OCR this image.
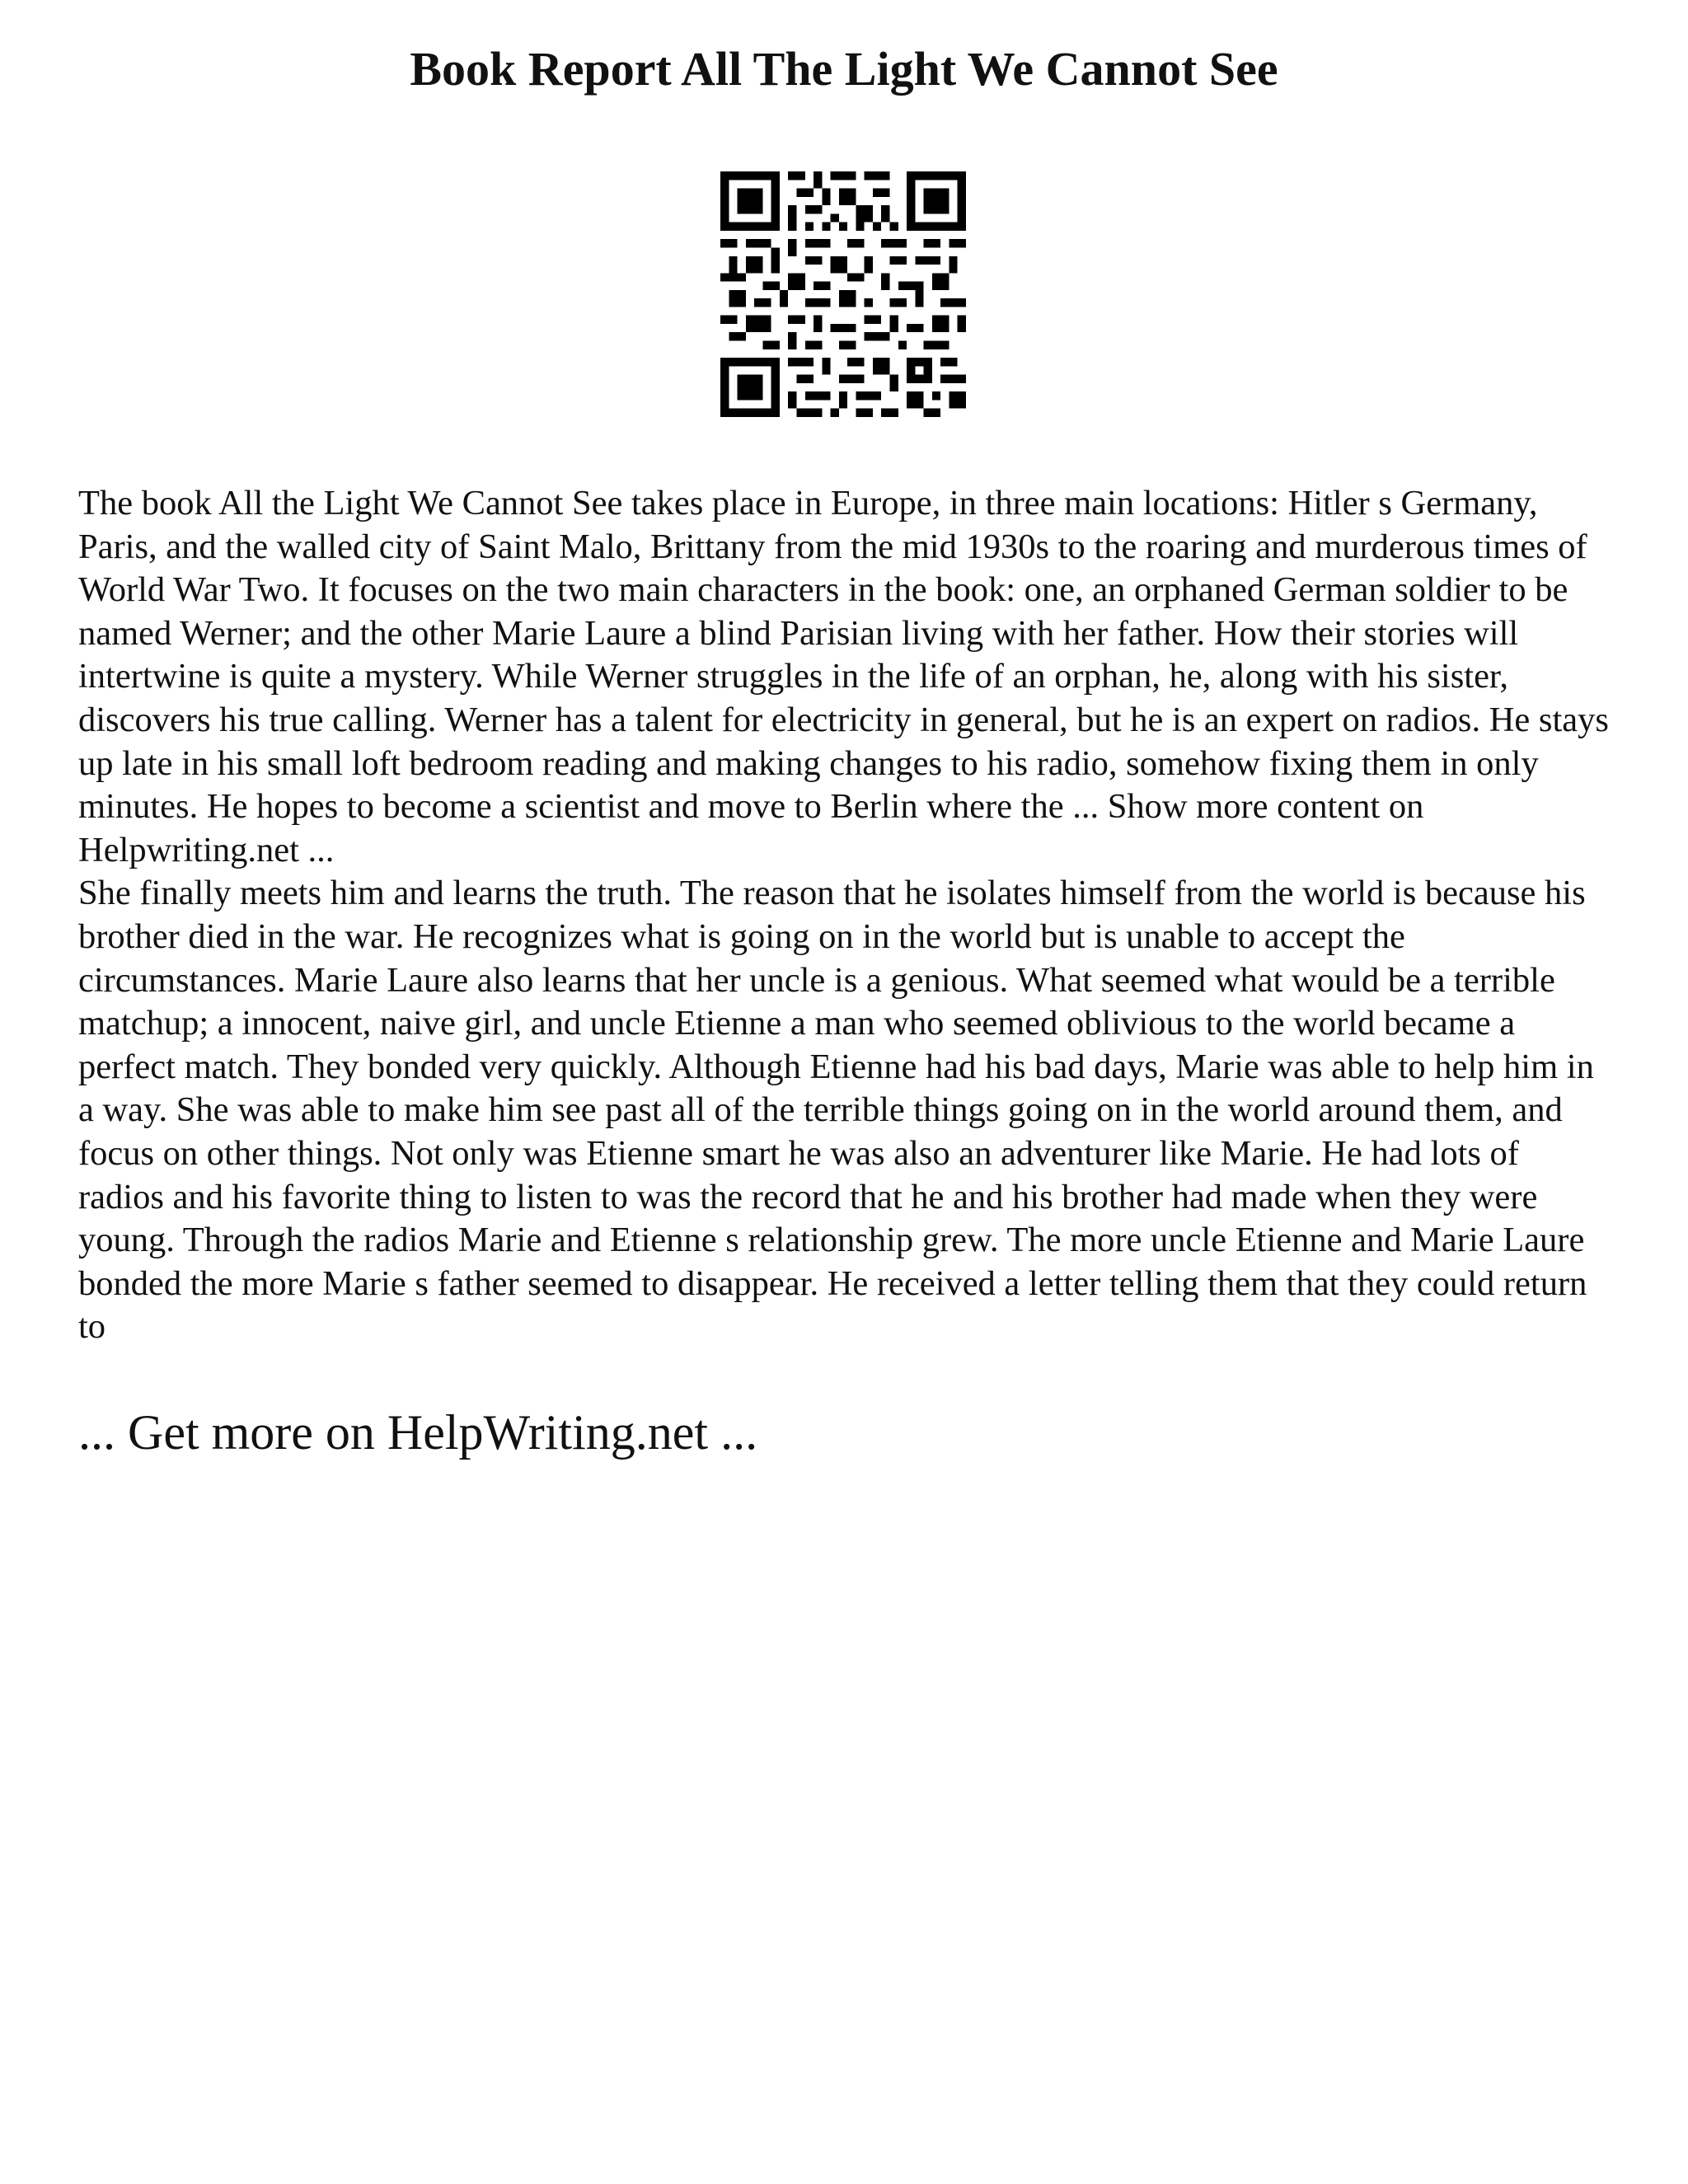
Book Report All The Light We Cannot See

The book All the Light We Cannot See takes place in Europe, in three main locations: Hitler s Germany, Paris, and the walled city of Saint Malo, Brittany from the mid 1930s to the roaring and murderous times of World War Two. It focuses on the two main characters in the book: one, an orphaned German soldier to be named Werner; and the other Marie Laure a blind Parisian living with her father. How their stories will intertwine is quite a mystery. While Werner struggles in the life of an orphan, he, along with his sister, discovers his true calling. Werner has a talent for electricity in general, but he is an expert on radios. He stays up late in his small loft bedroom reading and making changes to his radio, somehow fixing them in only minutes. He hopes to become a scientist and move to Berlin where the ... Show more content on Helpwriting.net ...

She finally meets him and learns the truth. The reason that he isolates himself from the world is because his brother died in the war. He recognizes what is going on in the world but is unable to accept the circumstances. Marie Laure also learns that her uncle is a genious. What seemed what would be a terrible matchup; a innocent, naive girl, and uncle Etienne a man who seemed oblivious to the world became a perfect match. They bonded very quickly. Although Etienne had his bad days, Marie was able to help him in a way. She was able to make him see past all of the terrible things going on in the world around them, and focus on other things. Not only was Etienne smart he was also an adventurer like Marie. He had lots of radios and his favorite thing to listen to was the record that he and his brother had made when they were young. Through the radios Marie and Etienne s relationship grew. The more uncle Etienne and Marie Laure bonded the more Marie s father seemed to disappear. He received a letter telling them that they could return to

... Get more on HelpWriting.net ...
